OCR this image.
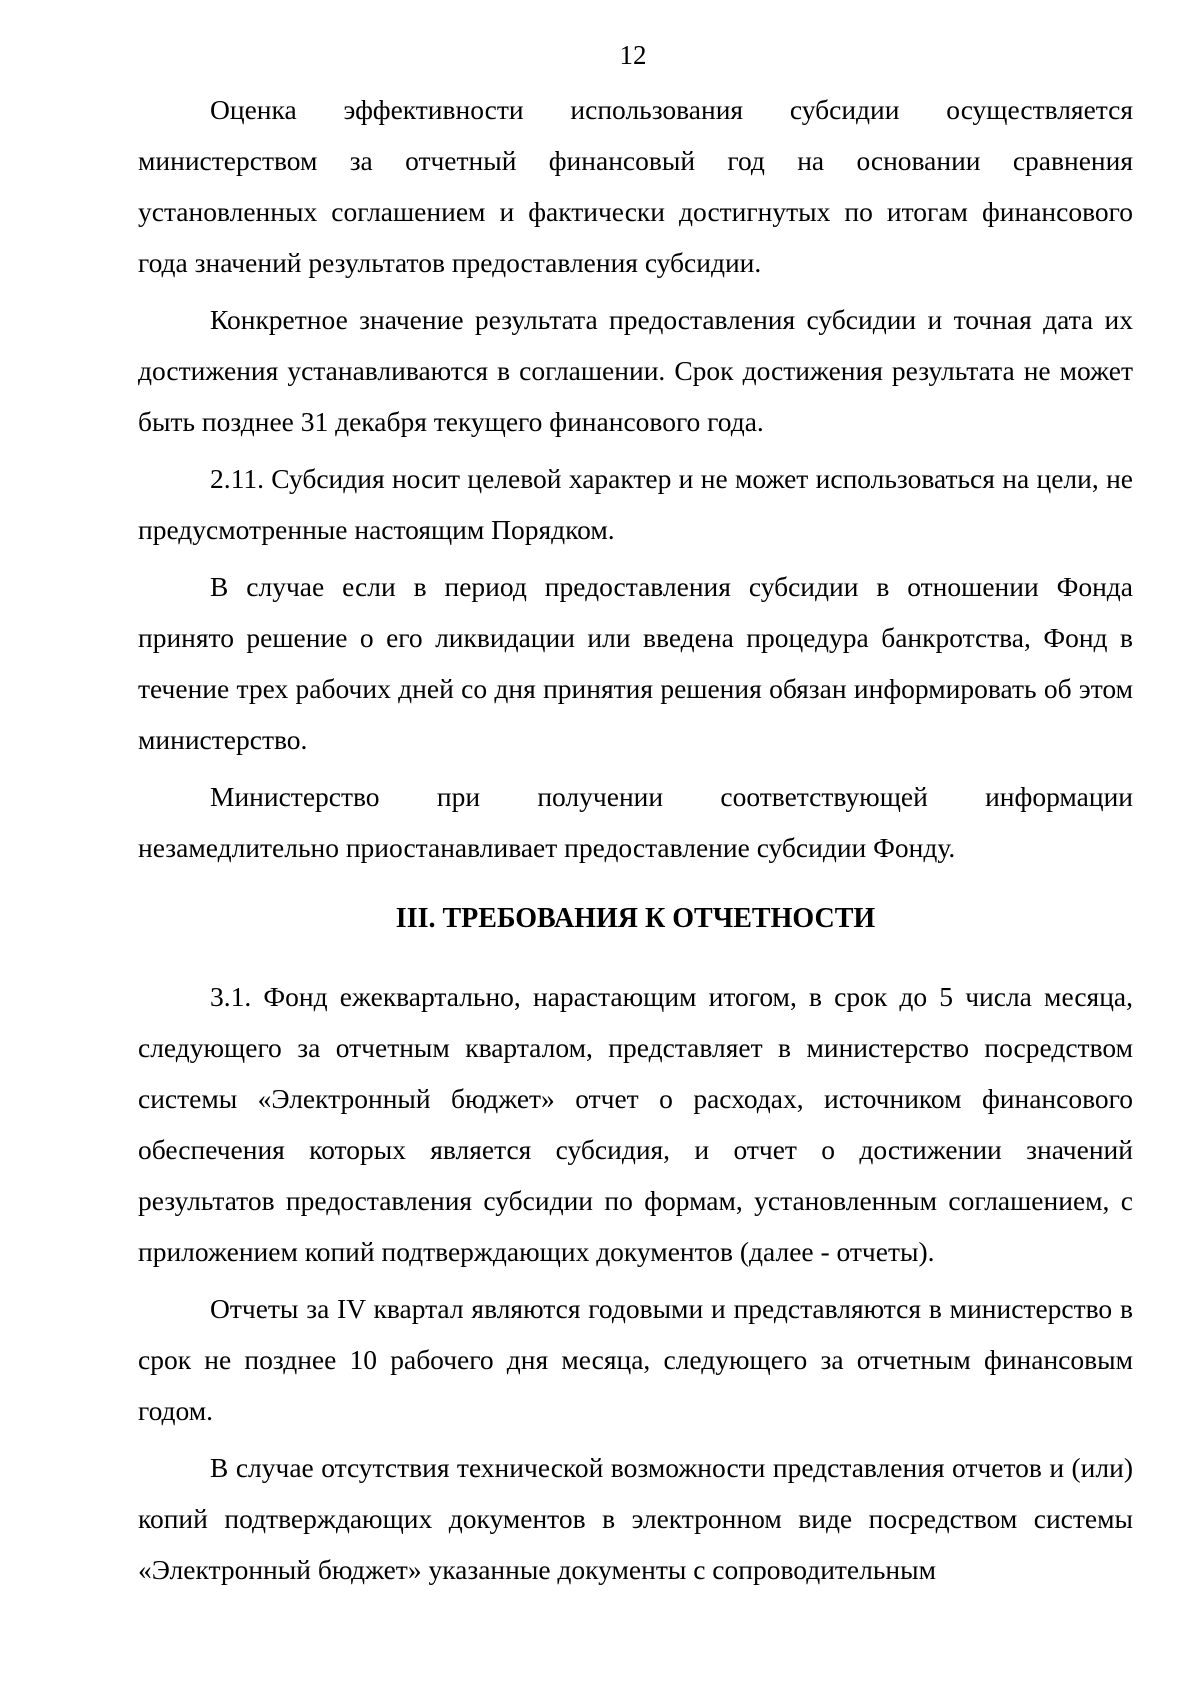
12

Оценка эффективности использования субсидии осуществляется министерством за отчетный финансовый год на основании сравнения установленных соглашением и фактически достигнутых по итогам финансового года значений результатов предоставления субсидии.

Конкретное значение результата предоставления субсидии и точная дата их достижения устанавливаются в соглашении. Срок достижения результата не может быть позднее 31 декабря текущего финансового года.

2.11. Субсидия носит целевой характер и не может использоваться на цели, не предусмотренные настоящим Порядком.

В случае если в период предоставления субсидии в отношении Фонда принято решение о его ликвидации или введена процедура банкротства, Фонд в течение трех рабочих дней со дня принятия решения обязан информировать об этом министерство.

Министерство при получении соответствующей информации незамедлительно приостанавливает предоставление субсидии Фонду.

III. ТРЕБОВАНИЯ К ОТЧЕТНОСТИ

3.1. Фонд ежеквартально, нарастающим итогом, в срок до 5 числа месяца, следующего за отчетным кварталом, представляет в министерство посредством системы «Электронный бюджет» отчет о расходах, источником финансового обеспечения которых является субсидия, и отчет о достижении значений результатов предоставления субсидии по формам, установленным соглашением, с приложением копий подтверждающих документов (далее - отчеты).

Отчеты за IV квартал являются годовыми и представляются в министерство в срок не позднее 10 рабочего дня месяца, следующего за отчетным финансовым годом.

В случае отсутствия технической возможности представления отчетов и (или) копий подтверждающих документов в электронном виде посредством системы «Электронный бюджет» указанные документы с сопроводительным
